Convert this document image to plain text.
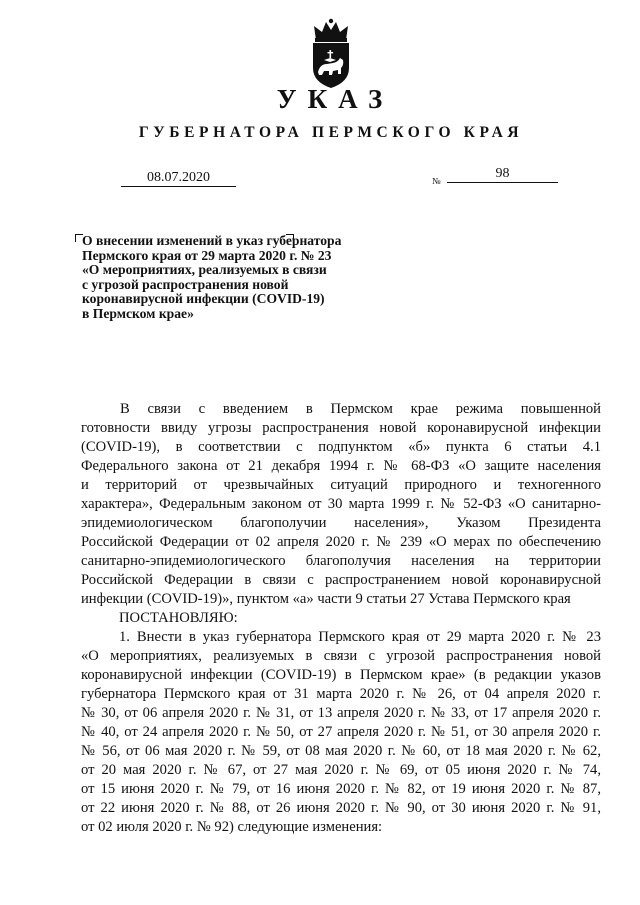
УКАЗ
ГУБЕРНАТОРА ПЕРМСКОГО КРАЯ
08.07.2020	№	98
О внесении изменений в указ губернатора
Пермского края от 29 марта 2020 г. № 23
«О мероприятиях, реализуемых в связи
с угрозой распространения новой
коронавирусной инфекции (COVID-19)
в Пермском крае»
В связи с введением в Пермском крае режима повышенной
готовности ввиду угрозы распространения новой коронавирусной инфекции
(COVID-19), в соответствии с подпунктом «б» пункта 6 статьи 4.1
Федерального закона от 21 декабря 1994 г. № 68-ФЗ «О защите населения
и территорий от чрезвычайных ситуаций природного и техногенного
характера», Федеральным законом от 30 марта 1999 г. № 52-ФЗ «О санитарно-
эпидемиологическом благополучии населения», Указом Президента
Российской Федерации от 02 апреля 2020 г. № 239 «О мерах по обеспечению
санитарно-эпидемиологического благополучия населения на территории
Российской Федерации в связи с распространением новой коронавирусной
инфекции (COVID-19)», пунктом «а» части 9 статьи 27 Устава Пермского края
ПОСТАНОВЛЯЮ:
1. Внести в указ губернатора Пермского края от 29 марта 2020 г. № 23
«О мероприятиях, реализуемых в связи с угрозой распространения новой
коронавирусной инфекции (COVID-19) в Пермском крае» (в редакции указов
губернатора Пермского края от 31 марта 2020 г. № 26, от 04 апреля 2020 г.
№ 30, от 06 апреля 2020 г. № 31, от 13 апреля 2020 г. № 33, от 17 апреля 2020 г.
№ 40, от 24 апреля 2020 г. № 50, от 27 апреля 2020 г. № 51, от 30 апреля 2020 г.
№ 56, от 06 мая 2020 г. № 59, от 08 мая 2020 г. № 60, от 18 мая 2020 г. № 62,
от 20 мая 2020 г. № 67, от 27 мая 2020 г. № 69, от 05 июня 2020 г. № 74,
от 15 июня 2020 г. № 79, от 16 июня 2020 г. № 82, от 19 июня 2020 г. № 87,
от 22 июня 2020 г. № 88, от 26 июня 2020 г. № 90, от 30 июня 2020 г. № 91,
от 02 июля 2020 г. № 92) следующие изменения:
